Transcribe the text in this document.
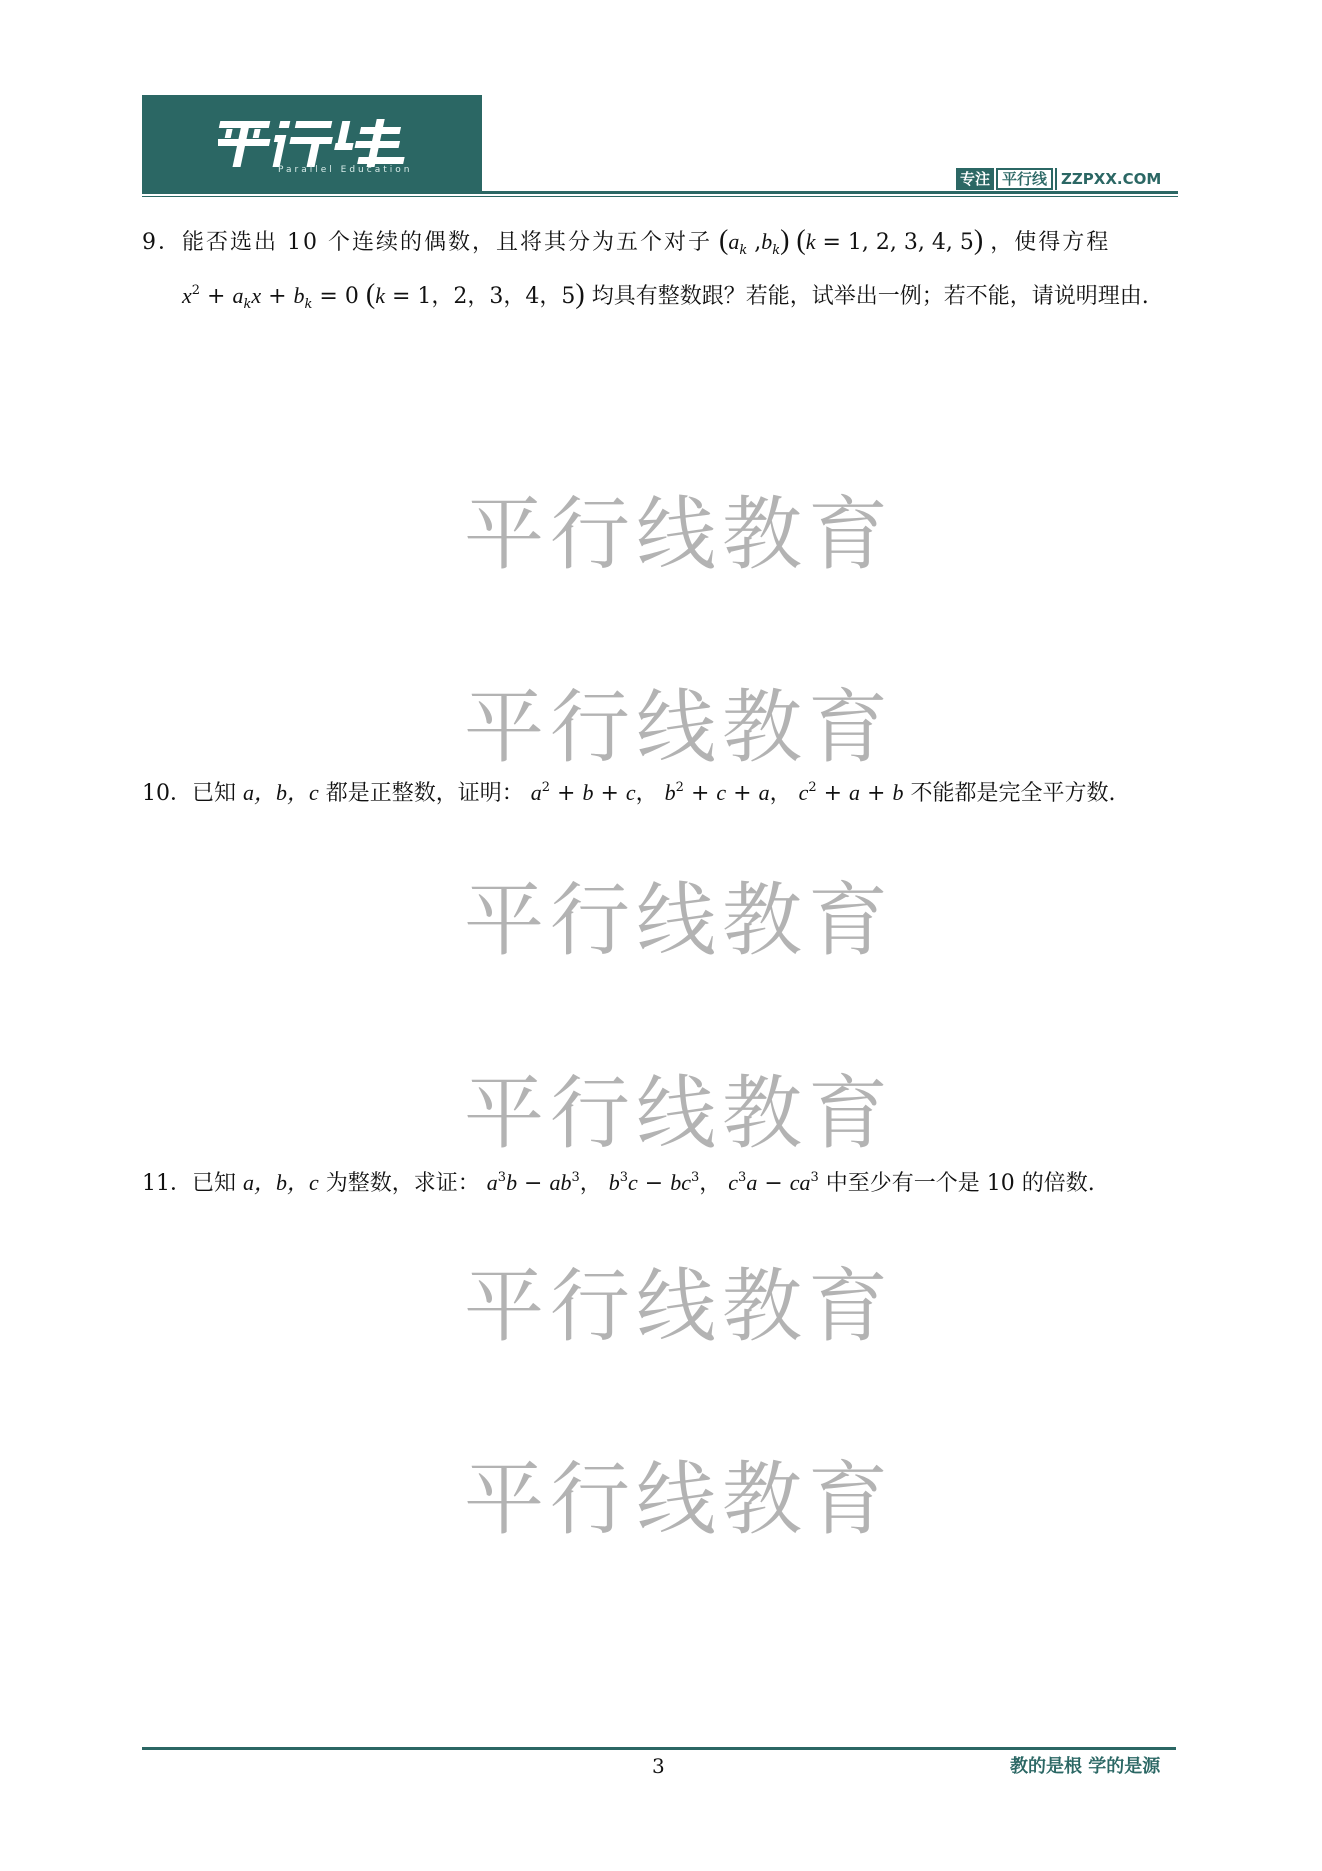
Parallel Education	专注 平行线 ZZPXX.COM
9．能否选出 10 个连续的偶数，且将其分为五个对子 ($a_k$ $,b_k$) (k = 1, 2, 3, 4, 5) ，使得方程
$x^2 + a_kx + b_k = 0$ (k = 1，2，3，4，5) 均具有整数跟？若能，试举出一例；若不能，请说明理由.
10．已知 a，b，c 都是正整数，证明： $a^2 + b + c$， $b^2 + c + a$， $c^2 + a + b$ 不能都是完全平方数.
11．已知 a，b，c 为整数，求证： $a^3b - ab^3$， $b^3c - bc^3$， $c^3a - ca^3$ 中至少有一个是 10 的倍数.
平行线教育
平行线教育
平行线教育
平行线教育
平行线教育
平行线教育
3	教的是根 学的是源
